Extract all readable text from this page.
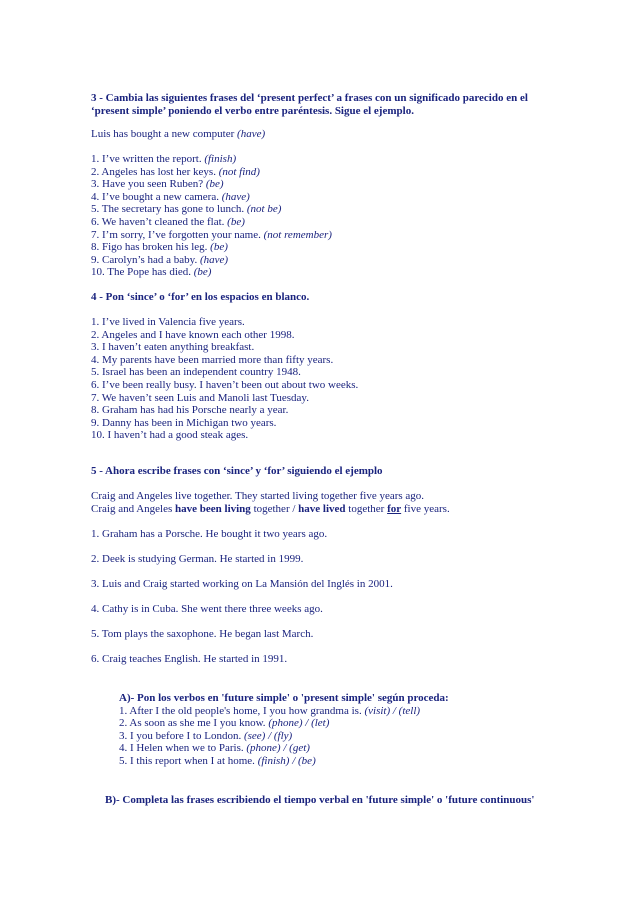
3 - Cambia las siguientes frases del ‘present perfect’ a frases con un significado parecido en el
‘present simple’ poniendo el verbo entre paréntesis. Sigue el ejemplo.
Luis has bought a new computer (have)
1. I’ve written the report. (finish)
2. Angeles has lost her keys. (not find)
3. Have you seen Ruben? (be)
4. I’ve bought a new camera. (have)
5. The secretary has gone to lunch. (not be)
6. We haven’t cleaned the flat. (be)
7. I’m sorry, I’ve forgotten your name. (not remember)
8. Figo has broken his leg. (be)
9. Carolyn’s had a baby. (have)
10. The Pope has died. (be)
4 - Pon ‘since’ o ‘for’ en los espacios en blanco.
1. I’ve lived in Valencia five years.
2. Angeles and I have known each other 1998.
3. I haven’t eaten anything breakfast.
4. My parents have been married more than fifty years.
5. Israel has been an independent country 1948.
6. I’ve been really busy. I haven’t been out about two weeks.
7. We haven’t seen Luis and Manoli last Tuesday.
8. Graham has had his Porsche nearly a year.
9. Danny has been in Michigan two years.
10. I haven’t had a good steak ages.
5 - Ahora escribe frases con ‘since’ y ‘for’ siguiendo el ejemplo
Craig and Angeles live together. They started living together five years ago.
Craig and Angeles have been living together / have lived together for five years.
1. Graham has a Porsche. He bought it two years ago.
2. Deek is studying German. He started in 1999.
3. Luis and Craig started working on La Mansión del Inglés in 2001.
4. Cathy is in Cuba. She went there three weeks ago.
5. Tom plays the saxophone. He began last March.
6. Craig teaches English. He started in 1991.
A)- Pon los verbos en 'future simple' o 'present simple' según proceda:
1. After I the old people's home, I you how grandma is. (visit) / (tell)
2. As soon as she me I you know. (phone) / (let)
3. I you before I to London. (see) / (fly)
4. I Helen when we to Paris. (phone) / (get)
5. I this report when I at home. (finish) / (be)
B)- Completa las frases escribiendo el tiempo verbal en 'future simple' o 'future continuous'
